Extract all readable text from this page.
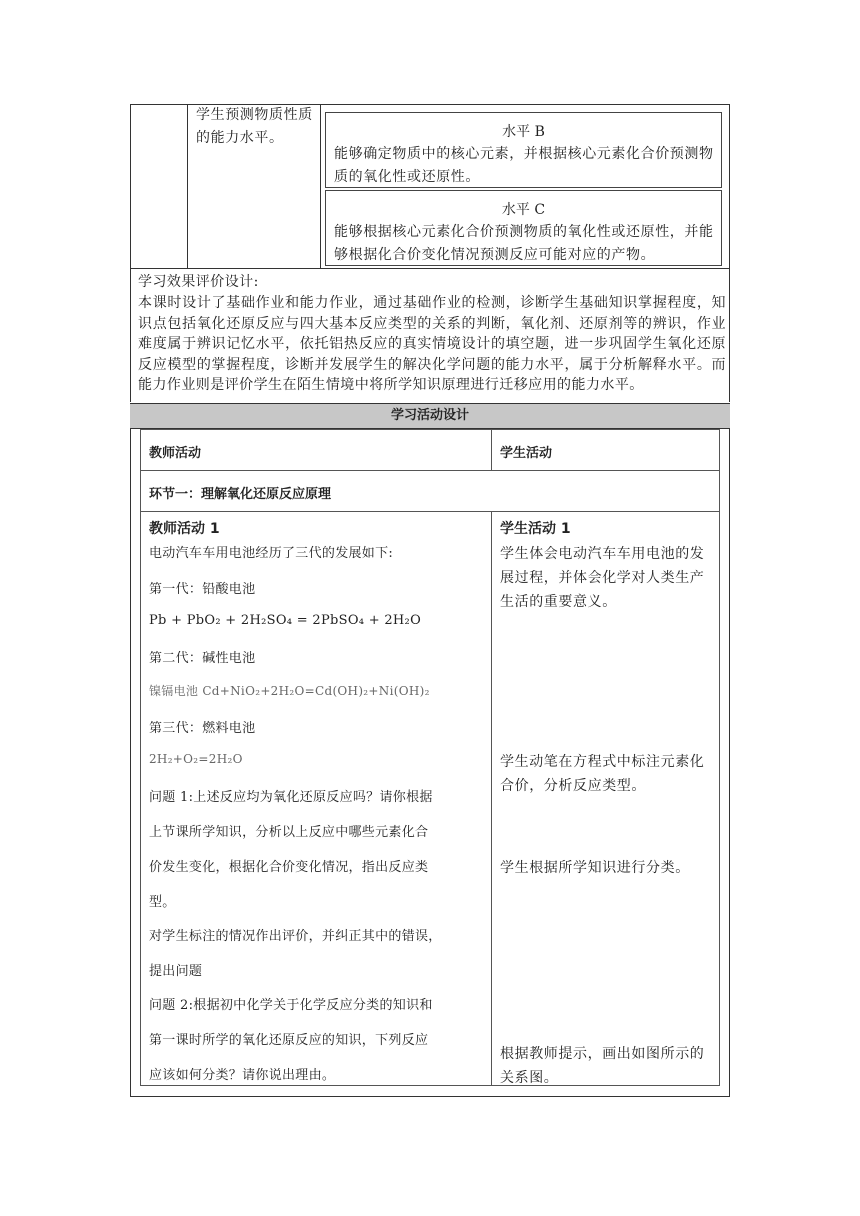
学生预测物质性质的能力水平。	水平 B
能够确定物质中的核心元素，并根据核心元素化合价预测物质的氧化性或还原性。
水平 C
能够根据核心元素化合价预测物质的氧化性或还原性，并能够根据化合价变化情况预测反应可能对应的产物。
学习效果评价设计:
本课时设计了基础作业和能力作业，通过基础作业的检测，诊断学生基础知识掌握程度，知识点包括氧化还原反应与四大基本反应类型的关系的判断，氧化剂、还原剂等的辨识，作业难度属于辨识记忆水平，依托铝热反应的真实情境设计的填空题，进一步巩固学生氧化还原反应模型的掌握程度，诊断并发展学生的解决化学问题的能力水平，属于分析解释水平。而能力作业则是评价学生在陌生情境中将所学知识原理进行迁移应用的能力水平。
学习活动设计
教师活动	学生活动
环节一：理解氧化还原反应原理
教师活动 1
电动汽车车用电池经历了三代的发展如下:
第一代：铅酸电池
Pb + PbO₂ + 2H₂SO₄ = 2PbSO₄ + 2H₂O
第二代：碱性电池
镍镉电池 Cd+NiO₂+2H₂O=Cd(OH)₂+Ni(OH)₂
第三代：燃料电池
2H₂+O₂=2H₂O
问题 1:上述反应均为氧化还原反应吗？请你根据
上节课所学知识，分析以上反应中哪些元素化合
价发生变化，根据化合价变化情况，指出反应类
型。
对学生标注的情况作出评价，并纠正其中的错误，
提出问题
问题 2:根据初中化学关于化学反应分类的知识和
第一课时所学的氧化还原反应的知识，下列反应
应该如何分类？请你说出理由。
学生活动 1
学生体会电动汽车车用电池的发展过程，并体会化学对人类生产生活的重要意义。
学生动笔在方程式中标注元素化合价，分析反应类型。
学生根据所学知识进行分类。
根据教师提示，画出如图所示的关系图。
